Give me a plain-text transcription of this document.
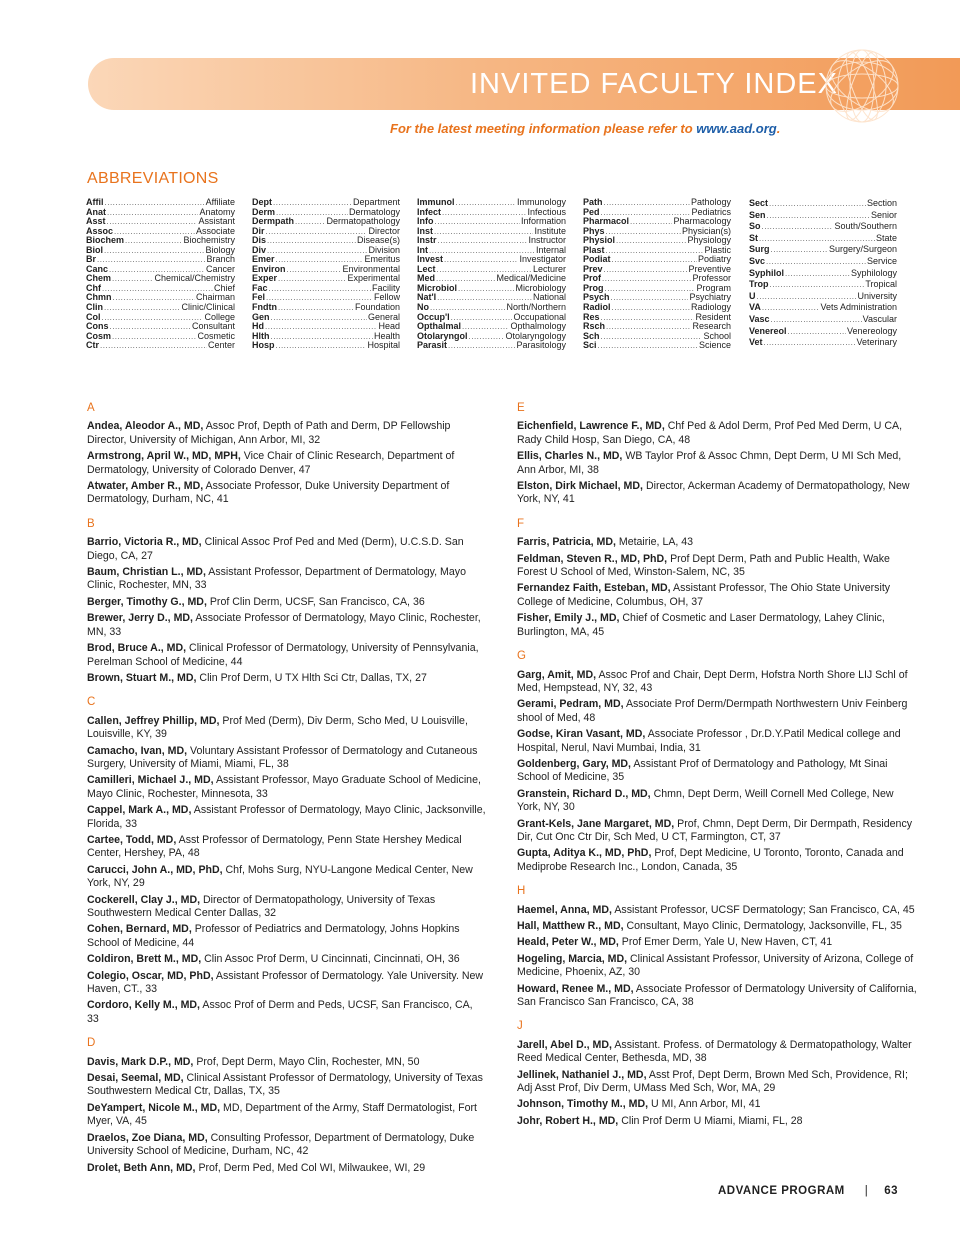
INVITED FACULTY INDEX
For the latest meeting information please refer to www.aad.org.
ABBREVIATIONS
Affil .....	Affiliate
Anat .....	Anatomy
Asst .....	Assistant
Assoc .....	Associate
Biochem .....	Biochemistry
Biol .....	Biology
Br .....	Branch
Canc .....	Cancer
Chem .....	Chemical/Chemistry
Chf .....	Chief
Chmn .....	Chairman
Clin .....	Clinic/Clinical
Col .....	College
Cons .....	Consultant
Cosm .....	Cosmetic
Ctr .....	Center
Dept .....	Department
Derm .....	Dermatology
Dermpath .....	Dermatopathology
Dir .....	Director
Dis .....	Disease(s)
Div .....	Division
Emer .....	Emeritus
Environ .....	Environmental
Exper .....	Experimental
Fac .....	Facility
Fel .....	Fellow
Fndtn .....	Foundation
Gen .....	General
Hd .....	Head
Hlth .....	Health
Hosp .....	Hospital
Immunol .....	Immunology
Infect .....	Infectious
Info .....	Information
Inst .....	Institute
Instr .....	Instructor
Int .....	Internal
Invest .....	Investigator
Lect .....	Lecturer
Med .....	Medical/Medicine
Microbiol .....	Microbiology
Nat'l .....	National
No .....	North/Northern
Occup'l .....	Occupational
Opthalmal .....	Opthalmology
Otolaryngol .....	Otolaryngology
Parasit .....	Parasitology
Path .....	Pathology
Ped .....	Pediatrics
Pharmacol .....	Pharmacology
Phys .....	Physician(s)
Physiol .....	Physiology
Plast .....	Plastic
Podiat .....	Podiatry
Prev .....	Preventive
Prof .....	Professor
Prog .....	Program
Psych .....	Psychiatry
Radiol .....	Radiology
Res .....	Resident
Rsch .....	Research
Sch .....	School
Sci .....	Science
Sect .....	Section
Sen .....	Senior
So .....	South/Southern
St .....	State
Surg .....	Surgery/Surgeon
Svc .....	Service
Syphilol .....	Syphilology
Trop .....	Tropical
U .....	University
VA .....	Vets Administration
Vasc .....	Vascular
Venereol .....	Venereology
Vet .....	Veterinary
A
Andea, Aleodor A., MD, Assoc Prof, Depth of Path and Derm, DP Fellowship Director, University of Michigan, Ann Arbor, MI, 32
Armstrong, April W., MD, MPH, Vice Chair of Clinic Research, Department of Dermatology, University of Colorado Denver, 47
Atwater, Amber R., MD, Associate Professor, Duke University Department of Dermatology, Durham, NC, 41
B
Barrio, Victoria R., MD, Clinical Assoc Prof Ped and Med (Derm), U.C.S.D. San Diego, CA, 27
Baum, Christian L., MD, Assistant Professor, Department of Dermatology, Mayo Clinic, Rochester, MN, 33
Berger, Timothy G., MD, Prof Clin Derm, UCSF, San Francisco, CA, 36
Brewer, Jerry D., MD, Associate Professor of Dermatology, Mayo Clinic, Rochester, MN, 33
Brod, Bruce A., MD, Clinical Professor of Dermatology, University of Pennsylvania, Perelman School of Medicine, 44
Brown, Stuart M., MD, Clin Prof Derm, U TX Hlth Sci Ctr, Dallas, TX, 27
C
Callen, Jeffrey Phillip, MD, Prof Med (Derm), Div Derm, Scho Med, U Louisville, Louisville, KY, 39
Camacho, Ivan, MD, Voluntary Assistant Professor of Dermatology and Cutaneous Surgery, University of Miami, Miami, FL, 38
Camilleri, Michael J., MD, Assistant Professor, Mayo Graduate School of Medicine, Mayo Clinic, Rochester, Minnesota, 33
Cappel, Mark A., MD, Assistant Professor of Dermatology, Mayo Clinic, Jacksonville, Florida, 33
Cartee, Todd, MD, Asst Professor of Dermatology, Penn State Hershey Medical Center, Hershey, PA, 48
Carucci, John A., MD, PhD, Chf, Mohs Surg, NYU-Langone Medical Center, New York, NY, 29
Cockerell, Clay J., MD, Director of Dermatopathology, University of Texas Southwestern Medical Center Dallas, 32
Cohen, Bernard, MD, Professor of Pediatrics and Dermatology, Johns Hopkins School of Medicine, 44
Coldiron, Brett M., MD, Clin Assoc Prof Derm, U Cincinnati, Cincinnati, OH, 36
Colegio, Oscar, MD, PhD, Assistant Professor of Dermatology. Yale University. New Haven, CT., 33
Cordoro, Kelly M., MD, Assoc Prof of Derm and Peds, UCSF, San Francisco, CA, 33
D
Davis, Mark D.P., MD, Prof, Dept Derm, Mayo Clin, Rochester, MN, 50
Desai, Seemal, MD, Clinical Assistant Professor of Dermatology, University of Texas Southwestern Medical Ctr, Dallas, TX, 35
DeYampert, Nicole M., MD, MD, Department of the Army, Staff Dermatologist, Fort Myer, VA, 45
Draelos, Zoe Diana, MD, Consulting Professor, Department of Dermatology, Duke University School of Medicine, Durham, NC, 42
Drolet, Beth Ann, MD, Prof, Derm Ped, Med Col WI, Milwaukee, WI, 29
E
Eichenfield, Lawrence F., MD, Chf Ped & Adol Derm, Prof Ped Med Derm, U CA, Rady Child Hosp, San Diego, CA, 48
Ellis, Charles N., MD, WB Taylor Prof & Assoc Chmn, Dept Derm, U MI Sch Med, Ann Arbor, MI, 38
Elston, Dirk Michael, MD, Director, Ackerman Academy of Dermatopathology, New York, NY, 41
F
Farris, Patricia, MD, Metairie, LA, 43
Feldman, Steven R., MD, PhD, Prof Dept Derm, Path and Public Health, Wake Forest U School of Med, Winston-Salem, NC, 35
Fernandez Faith, Esteban, MD, Assistant Professor, The Ohio State University College of Medicine, Columbus, OH, 37
Fisher, Emily J., MD, Chief of Cosmetic and Laser Dermatology, Lahey Clinic, Burlington, MA, 45
G
Garg, Amit, MD, Assoc Prof and Chair, Dept Derm, Hofstra North Shore LIJ Schl of Med, Hempstead, NY, 32, 43
Gerami, Pedram, MD, Associate Prof Derm/Dermpath Northwestern Univ Feinberg shool of Med, 48
Godse, Kiran Vasant, MD, Associate Professor , Dr.D.Y.Patil Medical college and Hospital, Nerul, Navi Mumbai, India, 31
Goldenberg, Gary, MD, Assistant Prof of Dermatology and Pathology, Mt Sinai School of Medicine, 35
Granstein, Richard D., MD, Chmn, Dept Derm, Weill Cornell Med College, New York, NY, 30
Grant-Kels, Jane Margaret, MD, Prof, Chmn, Dept Derm, Dir Dermpath, Residency Dir, Cut Onc Ctr Dir, Sch Med, U CT, Farmington, CT, 37
Gupta, Aditya K., MD, PhD, Prof, Dept Medicine, U Toronto, Toronto, Canada and Mediprobe Research Inc., London, Canada, 35
H
Haemel, Anna, MD, Assistant Professor, UCSF Dermatology; San Francisco, CA, 45
Hall, Matthew R., MD, Consultant, Mayo Clinic, Dermatology, Jacksonville, FL, 35
Heald, Peter W., MD, Prof Emer Derm, Yale U, New Haven, CT, 41
Hogeling, Marcia, MD, Clinical Assistant Professor, University of Arizona, College of Medicine, Phoenix, AZ, 30
Howard, Renee M., MD, Associate Professor of Dermatology University of California, San Francisco San Francisco, CA, 38
J
Jarell, Abel D., MD, Assistant. Profess. of Dermatology & Dermatopathology, Walter Reed Medical Center, Bethesda, MD, 38
Jellinek, Nathaniel J., MD, Asst Prof, Dept Derm, Brown Med Sch, Providence, RI; Adj Asst Prof, Div Derm, UMass Med Sch, Wor, MA, 29
Johnson, Timothy M., MD, U MI, Ann Arbor, MI, 41
Johr, Robert H., MD, Clin Prof Derm U Miami, Miami, FL, 28
ADVANCE PROGRAM | 63
